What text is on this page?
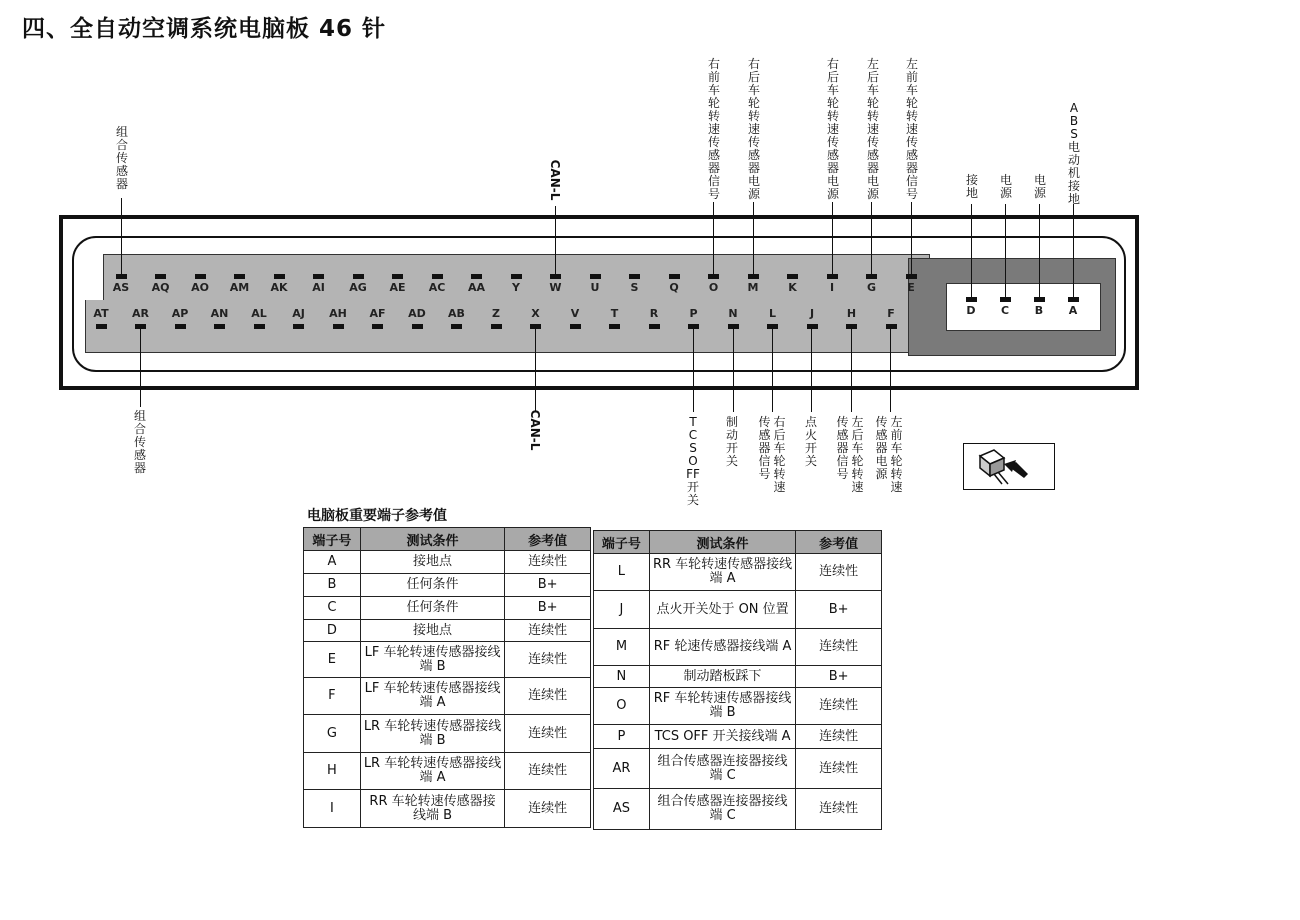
四、全自动空调系统电脑板 46 针
AS	AQ	AO	AM	AK	AI	AG	AE	AC	AA	Y	W	U	S	Q	O	M	K	I	G	E
AT	AR	AP	AN	AL	AJ	AH	AF	AD	AB	Z	X	V	T	R	P	N	L	J	H	F	D	C	B	A
组合传感器	CAN-L
右前车轮转速传感器信号
右后车轮转速传感器电源
右后车轮转速传感器电源
左后车轮转速传感器电源
左前车轮转速传感器信号
接地
电源
电源
ABS 电动机接地
组合传感器
CAN-L	TCS OFF 开关
制动开关
右后车轮转速
传感器信号
点火开关
左后车轮转速
传感器信号
左前车轮转速
传感器电源
电脑板重要端子参考值
端子号	测试条件	参考值
A	接地点	连续性
B	任何条件	B+
C	任何条件	B+
D	接地点	连续性
E	LF 车轮转速传感器接线端 B	连续性
F	LF 车轮转速传感器接线端 A	连续性
G	LR 车轮转速传感器接线端 B	连续性
H	LR 车轮转速传感器接线端 A	连续性
I	RR 车轮转速传感器接线端 B	连续性
端子号	测试条件	参考值
L	RR 车轮转速传感器接线端 A	连续性
J	点火开关处于 ON 位置	B+
M	RF 轮速传感器接线端 A	连续性
N	制动踏板踩下	B+
O	RF 车轮转速传感器接线端 B	连续性
P	TCS OFF 开关接线端 A	连续性
AR	组合传感器连接器接线端 C	连续性
AS	组合传感器连接器接线端 C	连续性
